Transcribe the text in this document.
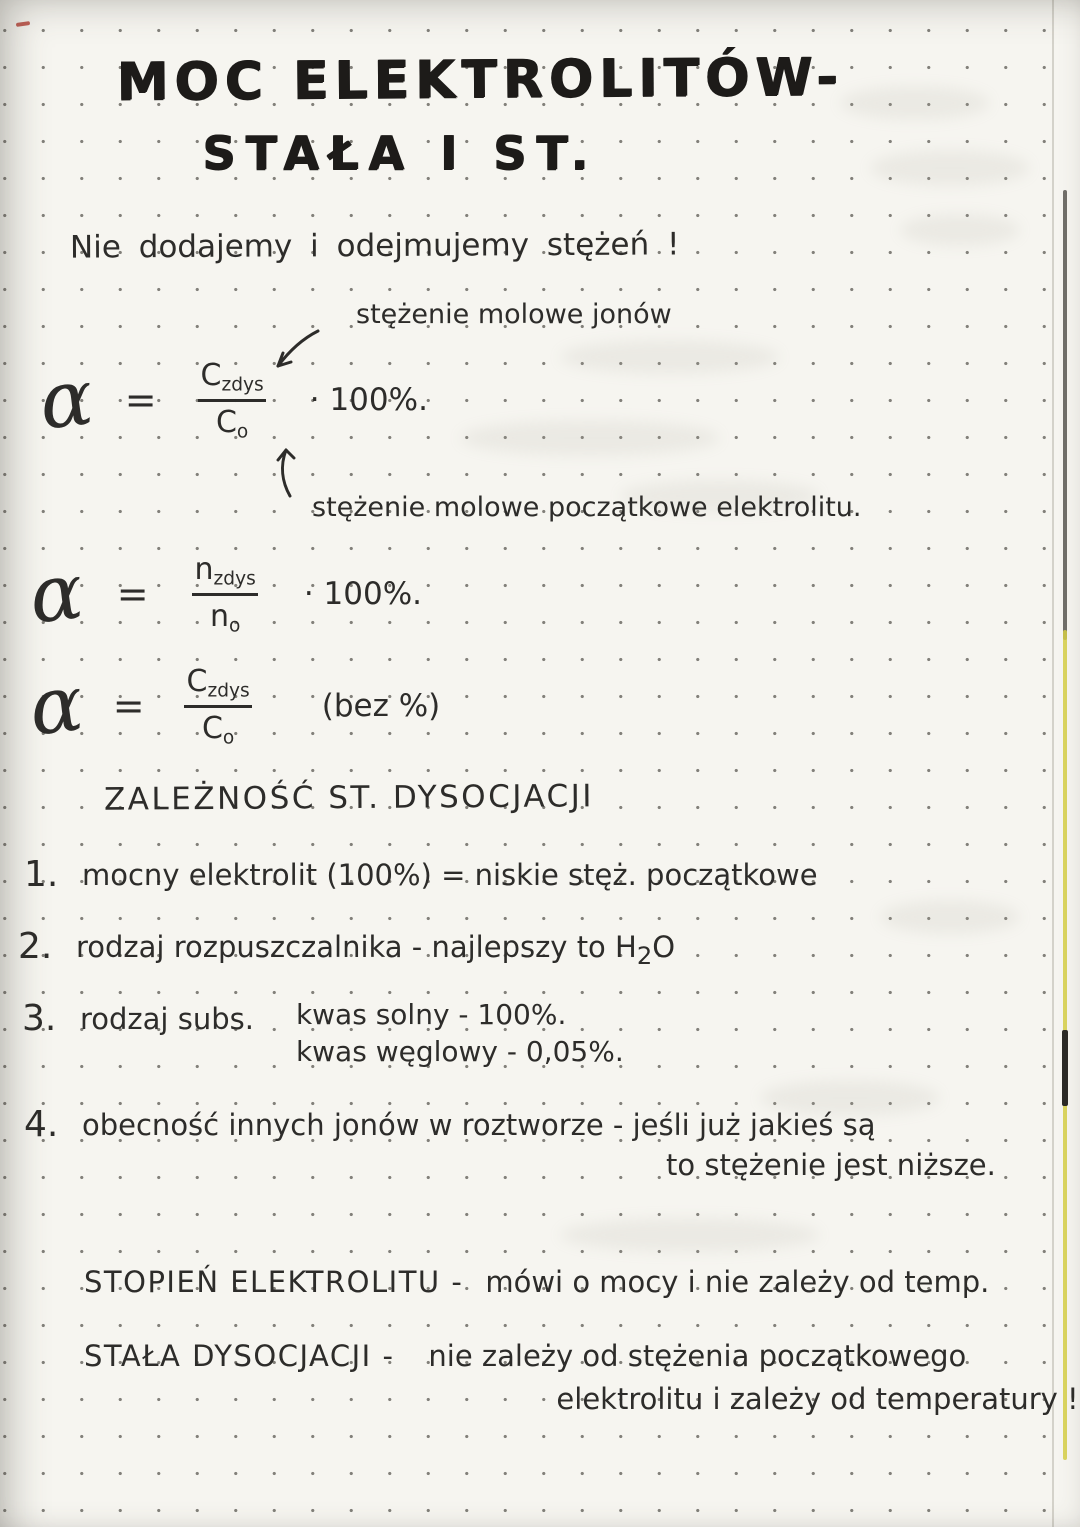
MOC ELEKTROLITÓW-
STAŁA I ST.
Nie dodajemy i odejmujemy stężeń !
stężenie molowe jonów
$\alpha = \frac{C_{zdys}}{C_o} \cdot 100\%$.
stężenie molowe początkowe elektrolitu.
$\alpha = \frac{n_{zdys}}{n_o} \cdot 100\%$.
$\alpha = \frac{C_{zdys}}{C_o}$	(bez %)
ZALEŻNOŚĆ ST. DYSOCJACJI
1. mocny elektrolit (100%) = niskie stęż. początkowe
2. rodzaj rozpuszczalnika - najlepszy to $H_2O$
3. rodzaj subs. kwas solny - 100%.
kwas węglowy - 0,05%.
4. obecność innych jonów w roztworze - jeśli już jakieś są
to stężenie jest niższe.
STOPIEŃ ELEKTROLITU - mówi o mocy i nie zależy od temp.
STAŁA DYSOCJACJI - nie zależy od stężenia początkowego
elektrolitu i zależy od temperatury !
